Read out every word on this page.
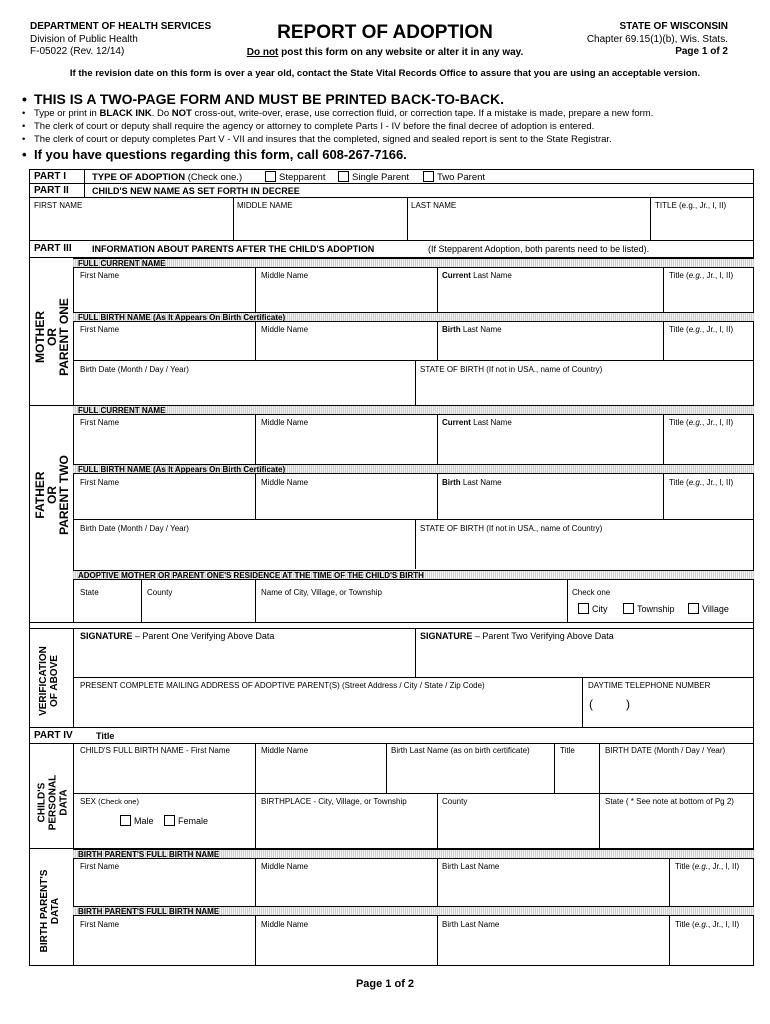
DEPARTMENT OF HEALTH SERVICES
Division of Public Health
F-05022 (Rev. 12/14)
REPORT OF ADOPTION
Do not post this form on any website or alter it in any way.
STATE OF WISCONSIN
Chapter 69.15(1)(b), Wis. Stats.
Page 1 of 2
If the revision date on this form is over a year old, contact the State Vital Records Office to assure that you are using an acceptable version.
• THIS IS A TWO-PAGE FORM AND MUST BE PRINTED BACK-TO-BACK.
• Type or print in BLACK INK. Do NOT cross-out, write-over, erase, use correction fluid, or correction tape. If a mistake is made, prepare a new form.
• The clerk of court or deputy shall require the agency or attorney to complete Parts I - IV before the final decree of adoption is entered.
• The clerk of court or deputy completes Part V - VII and insures that the completed, signed and sealed report is sent to the State Registrar.
• If you have questions regarding this form, call 608-267-7166.
PART I	TYPE OF ADOPTION (Check one.)	Stepparent	Single Parent	Two Parent
PART II	CHILD'S NEW NAME AS SET FORTH IN DECREE
FIRST NAME	MIDDLE NAME	LAST NAME	TITLE (e.g., Jr., I, II)
PART III INFORMATION ABOUT PARENTS AFTER THE CHILD'S ADOPTION	(If Stepparent Adoption, both parents need to be listed).
MOTHER
OR
PARENT ONE
FULL CURRENT NAME
First Name	Middle Name	Current Last Name	Title (e.g., Jr., I, II)
FULL BIRTH NAME (As It Appears On Birth Certificate)
First Name	Middle Name	Birth Last Name	Title (e.g., Jr., I, II)
Birth Date (Month / Day / Year)	STATE OF BIRTH (If not in USA., name of Country)
FATHER
OR
PARENT TWO
FULL CURRENT NAME
First Name	Middle Name	Current Last Name	Title (e.g., Jr., I, II)
FULL BIRTH NAME (As It Appears On Birth Certificate)
First Name	Middle Name	Birth Last Name	Title (e.g., Jr., I, II)
Birth Date (Month / Day / Year)	STATE OF BIRTH (If not in USA., name of Country)
ADOPTIVE MOTHER OR PARENT ONE'S RESIDENCE AT THE TIME OF THE CHILD'S BIRTH
State	County	Name of City, Village, or Township	Check one
City	Township	Village
VERIFICATION
OF ABOVE
SIGNATURE – Parent One Verifying Above Data	SIGNATURE – Parent Two Verifying Above Data
PRESENT COMPLETE MAILING ADDRESS OF ADOPTIVE PARENT(S) (Street Address / City / State / Zip Code)	DAYTIME TELEPHONE NUMBER
(	)
PART IV	Title
CHILD'S
PERSONAL
DATA
CHILD'S FULL BIRTH NAME - First Name	Middle Name	Birth Last Name (as on birth certificate)	Title	BIRTH DATE (Month / Day / Year)
SEX (Check one)	BIRTHPLACE - City, Village, or Township	County	State ( * See note at bottom of Pg 2)
Male	Female
BIRTH PARENT'S
DATA
BIRTH PARENT'S FULL BIRTH NAME
First Name	Middle Name	Birth Last Name	Title (e.g., Jr., I, II)
BIRTH PARENT'S FULL BIRTH NAME
First Name	Middle Name	Birth Last Name	Title (e.g., Jr., I, II)
Page 1 of 2
